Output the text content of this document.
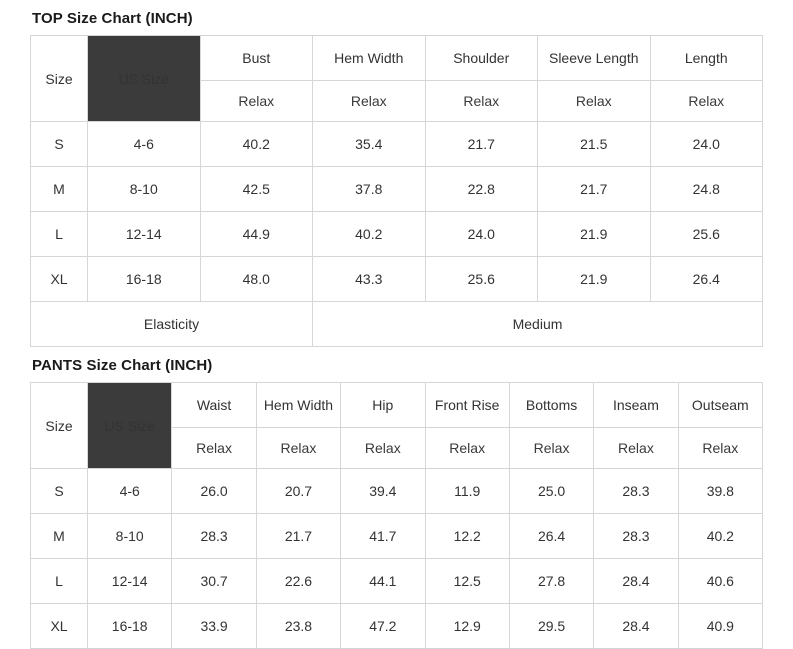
TOP Size Chart (INCH)
Size	US Size	Bust	Hem Width	Shoulder	Sleeve Length	Length
		Relax	Relax	Relax	Relax	Relax
S	4-6	40.2	35.4	21.7	21.5	24.0
M	8-10	42.5	37.8	22.8	21.7	24.8
L	12-14	44.9	40.2	24.0	21.9	25.6
XL	16-18	48.0	43.3	25.6	21.9	26.4
Elasticity			Medium			
PANTS Size Chart (INCH)
Size	US Size	Waist	Hem Width	Hip	Front Rise	Bottoms	Inseam	Outseam
		Relax	Relax	Relax	Relax	Relax	Relax	Relax
S	4-6	26.0	20.7	39.4	11.9	25.0	28.3	39.8
M	8-10	28.3	21.7	41.7	12.2	26.4	28.3	40.2
L	12-14	30.7	22.6	44.1	12.5	27.8	28.4	40.6
XL	16-18	33.9	23.8	47.2	12.9	29.5	28.4	40.9
